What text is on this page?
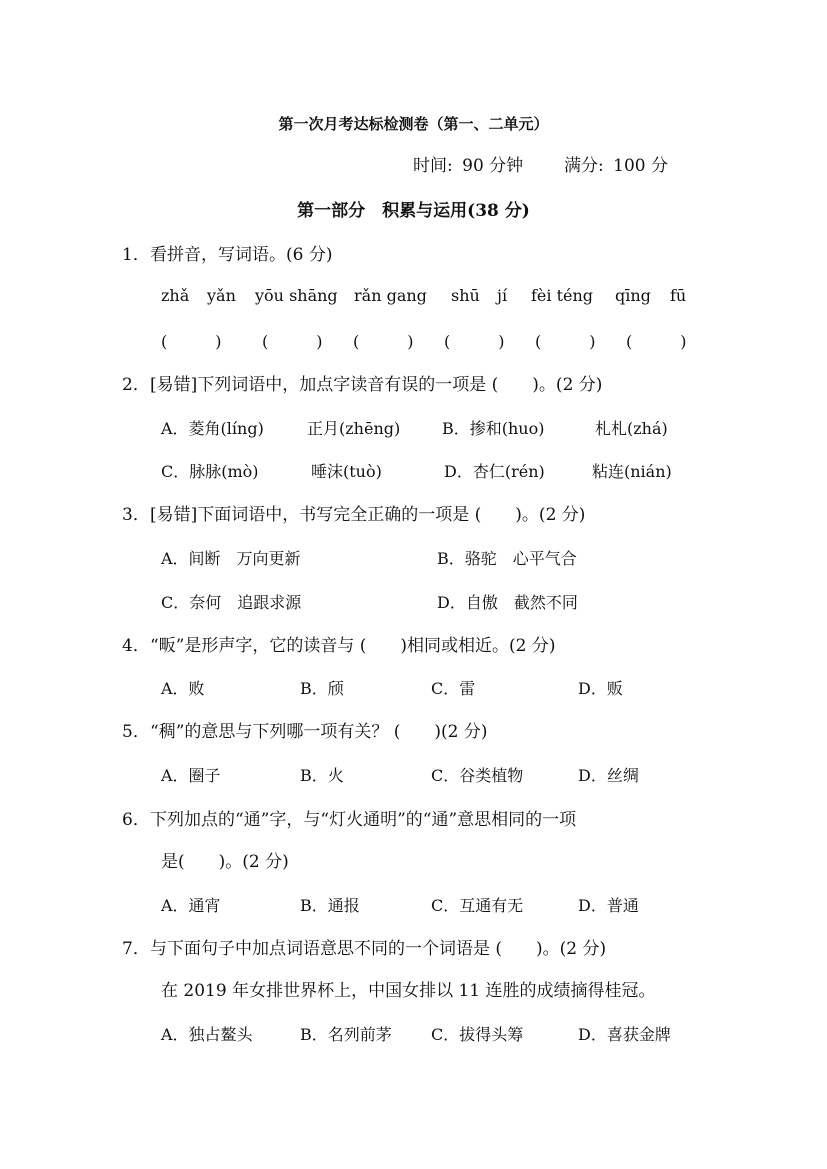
第一次月考达标检测卷（第一、二单元）
时间: 90 分钟 满分: 100 分
第一部分　积累与运用(38 分)
1．看拼音，写词语。(6 分)
zhǎ yǎn yōu shāng rǎn gang shū jí fèi téng qīng fū
(　　　)	(　　　) (　　　) (　　　) (　　　) (　　　)
2．[易错]下列词语中，加点字读音有误的一项是 (　　)。(2 分)
A．菱角(líng)	正月(zhēng)	B．掺和(huo)	札札(zhá)
C．脉脉(mò)	唾沫(tuò)	D．杏仁(rén)	粘连(nián)
3．[易错]下面词语中，书写完全正确的一项是 (　　)。(2 分)
A．间断　万向更新	B．骆驼　心平气合
C．奈何　追跟求源	D．自傲　截然不同
4．“畈”是形声字，它的读音与 (　　)相同或相近。(2 分)
A．败	B．颀	C．雷	D．贩
5．“稠”的意思与下列哪一项有关？ (　　)(2 分)
A．圈子	B．火	C．谷类植物	D．丝绸
6．下列加点的“通”字，与“灯火通明”的“通”意思相同的一项
是(　　)。(2 分)
A．通宵	B．通报	C．互通有无	D．普通
7．与下面句子中加点词语意思不同的一个词语是 (　　)。(2 分)
在 2019 年女排世界杯上，中国女排以 11 连胜的成绩摘得桂冠。
A．独占鳌头	B．名列前茅 C．拔得头筹	D．喜获金牌
